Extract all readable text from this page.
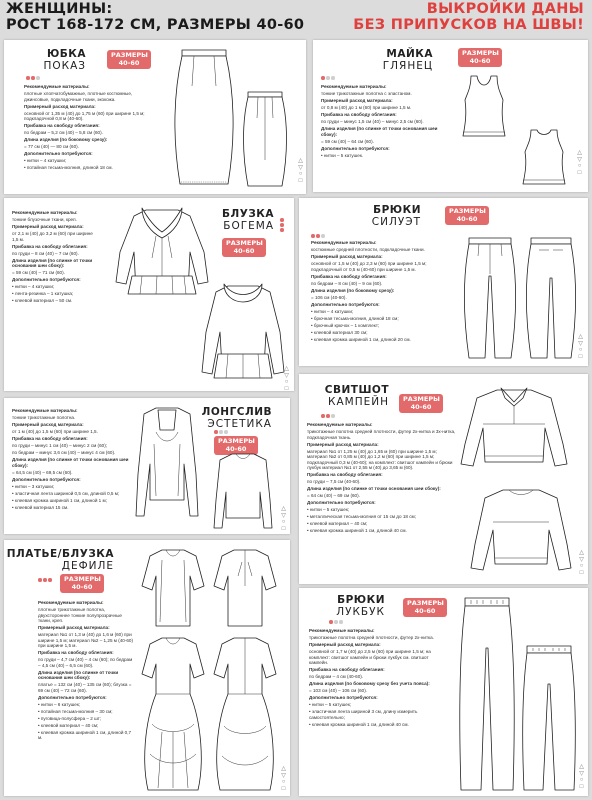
ЖЕНЩИНЫ:
РОСТ 168-172 СМ, РАЗМЕРЫ 40-60
ВЫКРОЙКИ ДАНЫ
БЕЗ ПРИПУСКОВ НА ШВЫ!
ЮБКА
ПОКАЗ
РАЗМЕРЫ
40-60

Рекомендуемые материалы:

плотные хлопчатобумажные, плотные костюмные, джинсовые, подкладочные ткани, экокожа.

Примерный расход материала:

основной от 1,35 м (40) до 1,75 м (60) при ширине 1,5 м; подкладочной 0,8 м (40-60).

Прибавка на свободу облегания:

по бедрам – 5,2 см (40) – 5,8 см (60).

Длина изделия (по боковому срезу):

= 77 см (40) — 80 см (60).

Дополнительно потребуются:

• нитки – 4 катушки;

• потайная тесьма-молния, длиной 18 см.

△
▽
○
□
МАЙКА
ГЛЯНЕЦ
РАЗМЕРЫ
40-60

Рекомендуемые материалы:

тонкие трикотажные полотна с эластаном.

Примерный расход материала:

от 0,8 м (40) до 1 м (60) при ширине 1,5 м.

Прибавка на свободу облегания:

по груди – минус 1,5 см (40) – минус 2,5 см (60).

Длина изделия (по спинке от точки основания шеи сбоку):

= 59 см (40) – 64 см (60).

Дополнительно потребуются:

• нитки – 5 катушек.	△
▽
○
□
БЛУЗКА
БОГЕМА
РАЗМЕРЫ
40-60

Рекомендуемые материалы:

тонкие блузочные ткани, креп.

Примерный расход материала:

от 2,1 м (40) до 3,2 м (60) при ширине 1,5 м.

Прибавка на свободу облегания:

по груди – 8 см (40) – 7 см (60).

Длина изделия (по спинке от точки основания шеи сбоку):

= 59 см (40) – 71 см (60).

Дополнительно потребуются:

• нитки – 4 катушки;

• лента-резинка – 1 катушка;

• клеевой материал – 50 см.

△
▽
○
□
БРЮКИ
СИЛУЭТ
РАЗМЕРЫ
40-60

Рекомендуемые материалы:

костюмные средней плотности, подкладочные ткани.

Примерный расход материала:

основной от 1,5 м (40) до 2,3 м (60) при ширине 1,5 м; подкладочный от 0,5 м (40-60) при ширине 1,5 м.

Прибавка на свободу облегания:

по бедрам – 8 см (40) – 9 см (60).

Длина изделия (по боковому срезу):

= 106 см (40-60).

Дополнительно потребуются:

• нитки – 4 катушки;

• брючная тесьма-молния, длиной 18 см;

• брючный крючок – 1 комплект;

• клеевой материал 30 см;

• клеевая кромка шириной 1 см, длиной 20 см.	△
▽
○
□
ЛОНГСЛИВ
ЭСТЕТИКА
РАЗМЕРЫ
40-60

Рекомендуемые материалы:

тонкие трикотажные полотна.

Примерный расход материала:

от 1 м (40) до 1,5 м (60) при ширине 1,5.

Прибавка на свободу облегания:

по груди – минус 1 см (40) – минус 2 см (60);

по бедрам – минус 3,6 см (40) – минус 4 см (60).

Длина изделия (по спинке от точки основания шеи сбоку):

= 64,5 см (40) – 69,5 см (60).

Дополнительно потребуются:

• нитки – 3 катушки;

• эластичная лента шириной 0,5 см, длиной 0,5 м;

• клеевая кромка шириной 1 см, длиной 1 м;

• клеевой материал 15 см.	△
▽
○
□
СВИТШОТ
КАМПЕЙН РАЗМЕРЫ
40-60

Рекомендуемые материалы:

трикотажные полотна средней плотности, футер 2х-нитка и 3х-нитка, подкладочная ткань.

Примерный расход материала:

материал №1 от 1,25 м (40) до 1,65 м (60) при ширине 1,5 м; материал №2 от 0,85 м (40) до 1,2 м (60) при ширине 1,5 м; подкладочный 0,3 м (40-60); на комплект: свитшот кампейн и брюки лукбук материал №1 от 2,55 м (40) до 3,65 м (60).

Прибавка на свободу облегания:

по груди – 7,5 см (40-60).

Длина изделия (по спинке от точки основания шеи сбоку):

= 64 см (40) – 69 см (60).

Дополнительно потребуются:

• нитки – 5 катушек;

• металлическая тесьма-молния от 15 см до 18 см;

• клеевой материал – 40 см;

• клеевая кромка шириной 1 см, длиной 40 см.

△
▽
○
□
ПЛАТЬЕ/БЛУЗКА
ДЕФИЛЕ
РАЗМЕРЫ
40-60

Рекомендуемые материалы:

плотные трикотажные полотна, двухстороннее тонкие полупрозрачные ткани, креп.

Примерный расход материала:

материал №1 от 1,3 м (40) до 1,6 м (60) при ширине 1,5 м; материал №2 – 1,25 м (40-60) при ширине 1,5 м.

Прибавка на свободу облегания:

по груди – 4,7 см (40) – 4 см (60); по бедрам – 4,5 см (40) – 6,5 см (60).

Длина изделия (по спинке от точки основания шеи сбоку):

платье = 132 см (40) – 135 см (60); блузка = 69 см (40) – 72 см (60).

Дополнительно потребуются:

• нитки – 6 катушек;

• потайная тесьма-молния – 30 см;

• пуговица-полусфера – 2 шт;

• клеевой материал – 40 см;

• клеевая кромка шириной 1 см, длиной 0,7 м.

△
▽
○
□
БРЮКИ
ЛУКБУК
РАЗМЕРЫ
40-60

Рекомендуемые материалы:

трикотажные полотна средней плотности, футер 2х-нитка.

Примерный расход материала:

основной от 1,7 м (40) до 2,5 м (60) при ширине 1,5 м; на комплект: свитшот кампейн и брюки лукбук см. свитшот кампейн.

Прибавка на свободу облегания:

по бедрам – 4 см (40-60).

Длина изделия (по боковому срезу без учета пояса):

= 103 см (40) – 106 см (60).

Дополнительно потребуются:

• нитки – 5 катушек;

• эластичная лента шириной 3 см, длину измерить самостоятельно;

• клеевая кромка шириной 1 см, длиной 40 см.

△
▽
○
□
